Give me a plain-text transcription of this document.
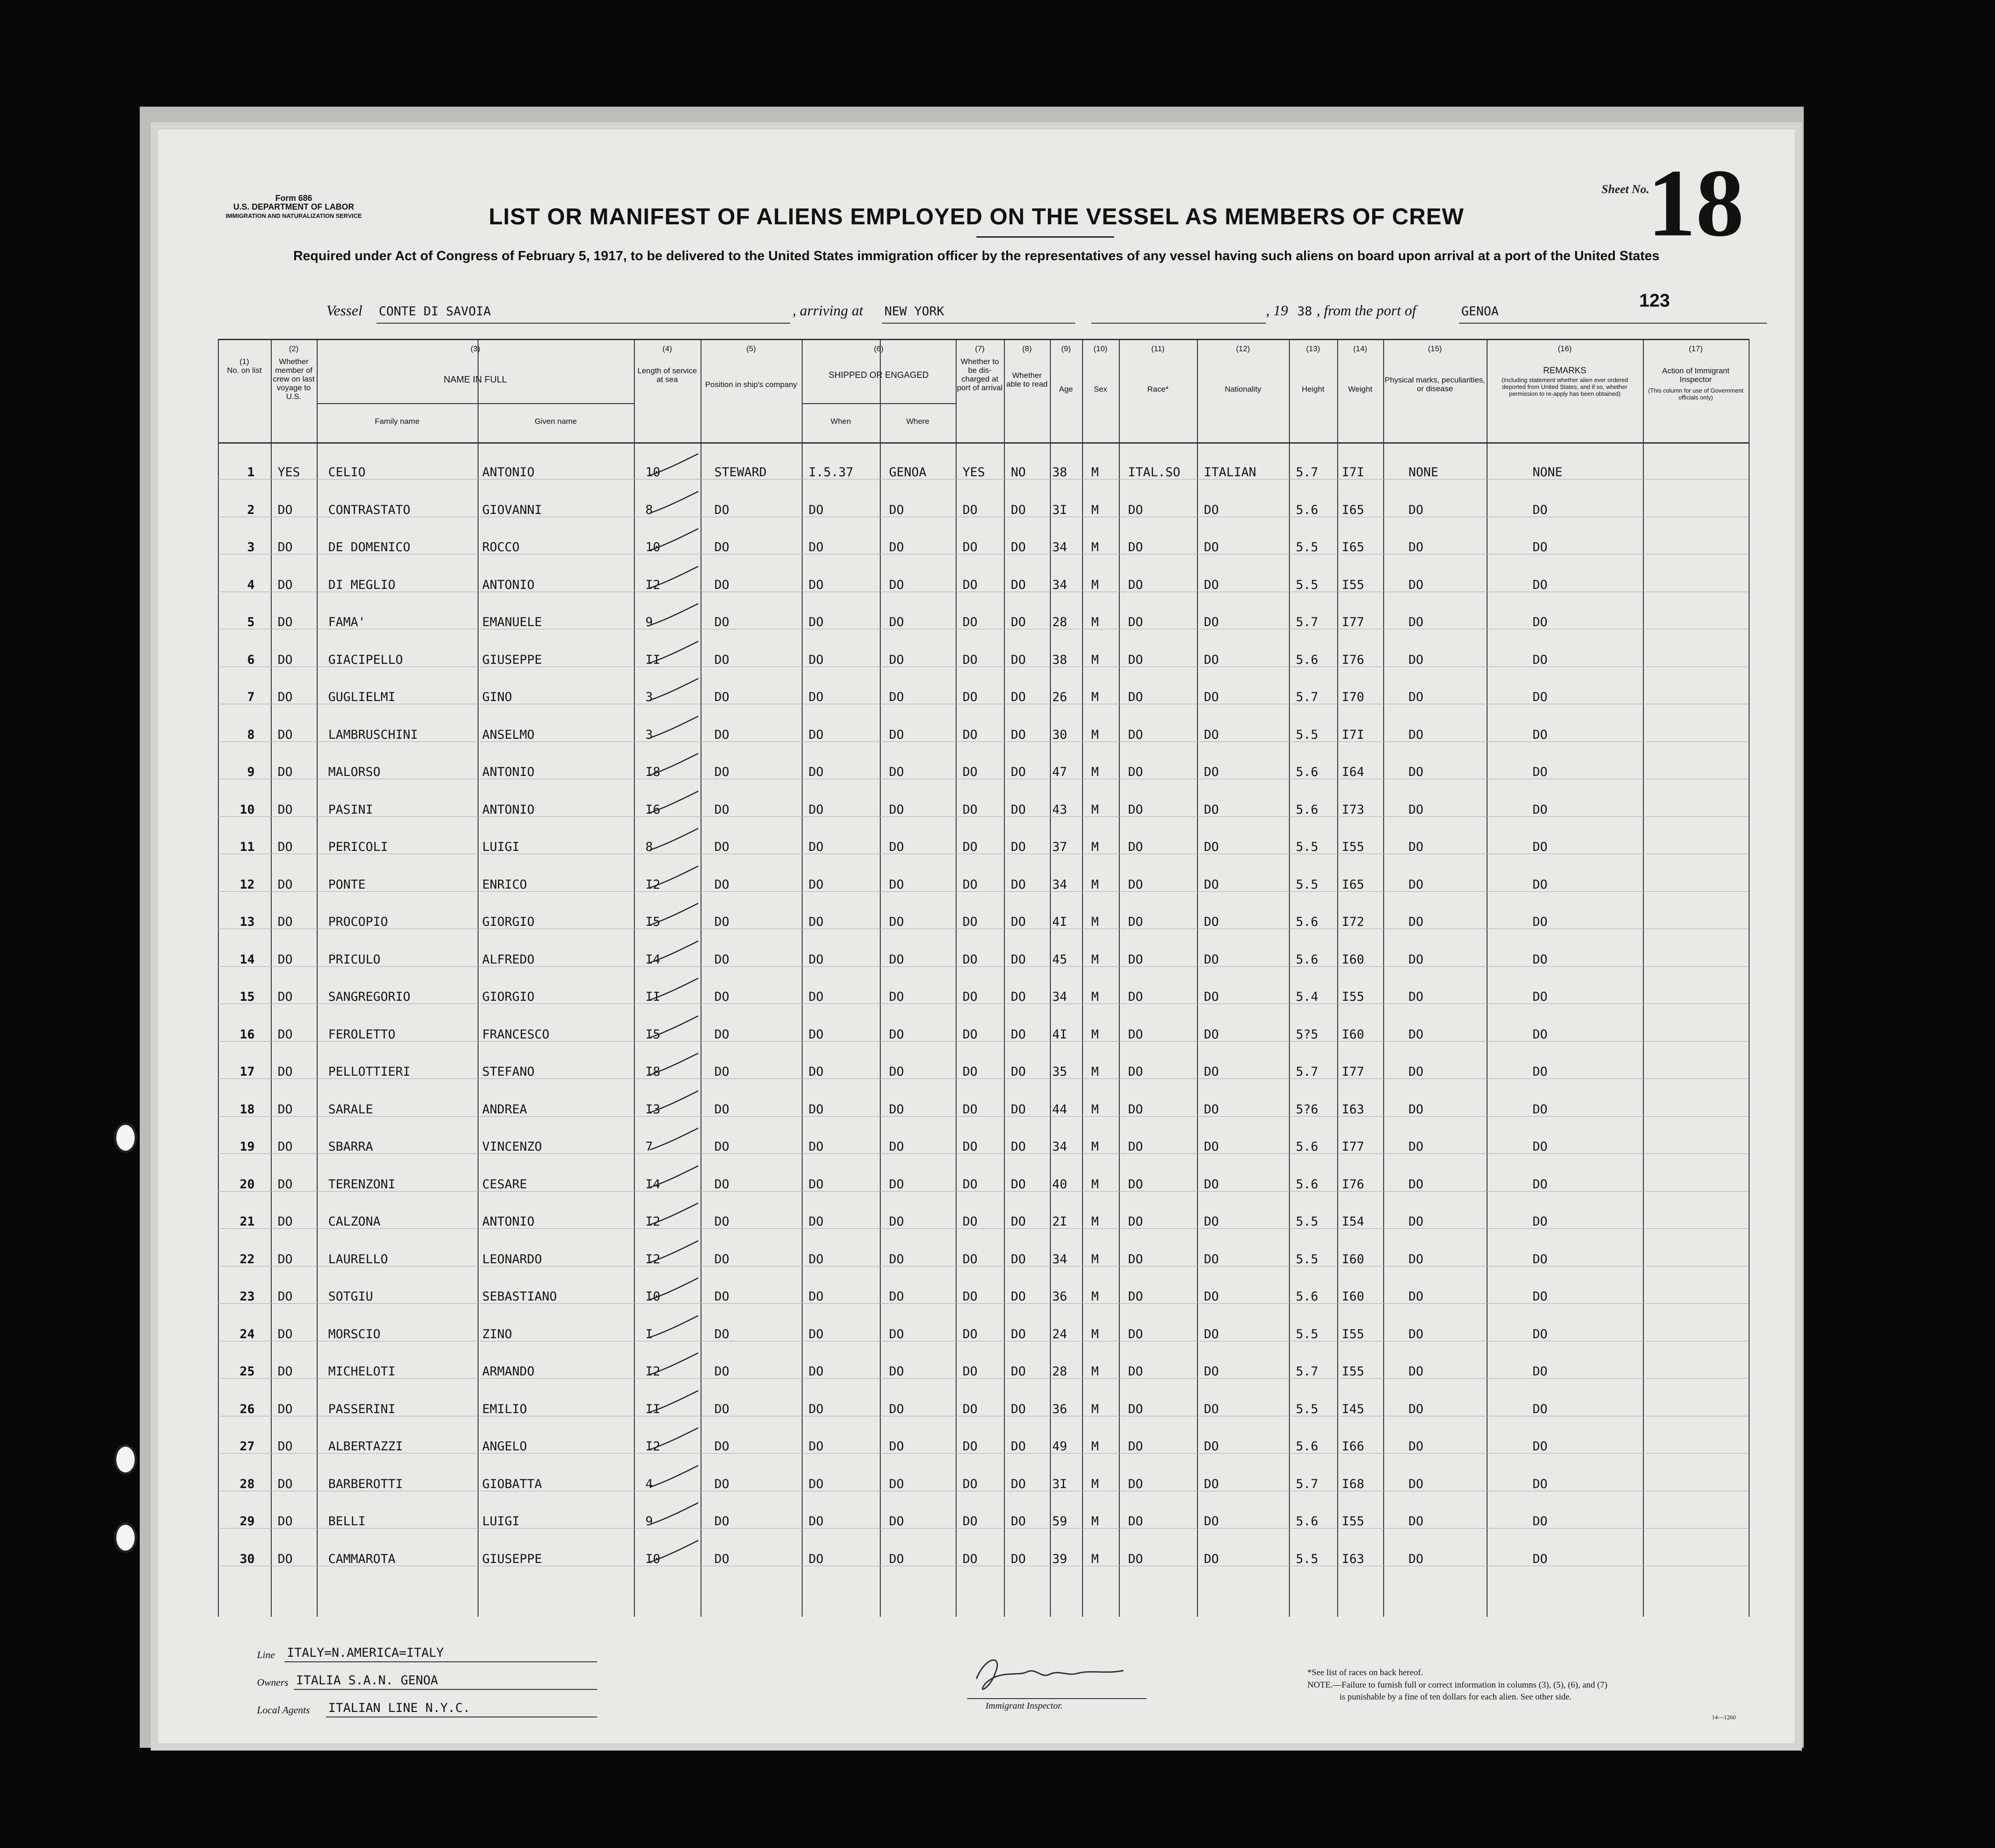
Form 686
U.S. DEPARTMENT OF LABOR
IMMIGRATION AND NATURALIZATION SERVICE
Sheet No.
18
LIST OR MANIFEST OF ALIENS EMPLOYED ON THE VESSEL AS MEMBERS OF CREW
Required under Act of Congress of February 5, 1917, to be delivered to the United States immigration officer by the representatives of any vessel having such aliens on board upon arrival at a port of the United States
Vessel CONTE DI SAVOIA	, arriving at NEW YORK	, 19 38 , from the port of	GENOA
123
(2)
(1)
No. on list
Whether member of crew on last voyage to U.S.
(3)
NAME IN FULL
Family name	Given name
(4)
Length of service at sea
(5)
Position in ship's company
(6)
SHIPPED OR ENGAGED
When	Where
(7)
Whether to be dis-charged at port of arrival
(8)
Whether able to read
(9)
Age
(10)
Sex
(11)
Race*
(12)
Nationality
(13)
Height
(14)
Weight
(15)
Physical marks, peculiarities, or disease
(16)
REMARKS
(Including statement whether alien ever ordered deported from United States, and if so, whether permission to re-apply has been obtained)
(17)
Action of Immigrant Inspector
(This column for use of Government officials only)
1 YES CELIO	ANTONIO	10	STEWARD	I.5.37	GENOA	YES NO 38 M ITAL.SO ITALIAN	5.7 I7I	NONE	NONE
2 DO	CONTRASTATO	GIOVANNI	8	DO	DO	DO	DO	DO 3I M DO	DO	5.6 I65	DO	DO
3 DO	DE DOMENICO	ROCCO	10	DO	DO	DO	DO	DO 34 M DO	DO	5.5 I65	DO	DO
4 DO	DI MEGLIO	ANTONIO	I2	DO	DO	DO	DO	DO 34 M DO	DO	5.5 I55	DO	DO
5 DO	FAMA'	EMANUELE	9	DO	DO	DO	DO	DO 28 M DO	DO	5.7 I77	DO	DO
6 DO	GIACIPELLO	GIUSEPPE	II	DO	DO	DO	DO	DO 38 M DO	DO	5.6 I76	DO	DO
7 DO	GUGLIELMI	GINO	3	DO	DO	DO	DO	DO 26 M DO	DO	5.7 I70	DO	DO
8 DO	LAMBRUSCHINI	ANSELMO	3	DO	DO	DO	DO	DO 30 M DO	DO	5.5 I7I	DO	DO
9 DO	MALORSO	ANTONIO	I8	DO	DO	DO	DO	DO 47 M DO	DO	5.6 I64	DO	DO
10 DO	PASINI	ANTONIO	I6	DO	DO	DO	DO	DO 43 M DO	DO	5.6 I73	DO	DO
11 DO	PERICOLI	LUIGI	8	DO	DO	DO	DO	DO 37 M DO	DO	5.5 I55	DO	DO
12 DO	PONTE	ENRICO	I2	DO	DO	DO	DO	DO 34 M DO	DO	5.5 I65	DO	DO
13 DO	PROCOPIO	GIORGIO	I5	DO	DO	DO	DO	DO 4I M DO	DO	5.6 I72	DO	DO
14 DO	PRICULO	ALFREDO	I4	DO	DO	DO	DO	DO 45 M DO	DO	5.6 I60	DO	DO
15 DO	SANGREGORIO	GIORGIO	II	DO	DO	DO	DO	DO 34 M DO	DO	5.4 I55	DO	DO
16 DO	FEROLETTO	FRANCESCO	I5	DO	DO	DO	DO	DO 4I M DO	DO	5?5 I60	DO	DO
17 DO	PELLOTTIERI	STEFANO	I8	DO	DO	DO	DO	DO 35 M DO	DO	5.7 I77	DO	DO
18 DO	SARALE	ANDREA	I3	DO	DO	DO	DO	DO 44 M DO	DO	5?6 I63	DO	DO
19 DO	SBARRA	VINCENZO	7	DO	DO	DO	DO	DO 34 M DO	DO	5.6 I77	DO	DO
20 DO	TERENZONI	CESARE	I4	DO	DO	DO	DO	DO 40 M DO	DO	5.6 I76	DO	DO
21 DO	CALZONA	ANTONIO	I2	DO	DO	DO	DO	DO 2I M DO	DO	5.5 I54	DO	DO
22 DO	LAURELLO	LEONARDO	I2	DO	DO	DO	DO	DO 34 M DO	DO	5.5 I60	DO	DO
23 DO	SOTGIU	SEBASTIANO	I0	DO	DO	DO	DO	DO 36 M DO	DO	5.6 I60	DO	DO
24 DO	MORSCIO	ZINO	I	DO	DO	DO	DO	DO 24 M DO	DO	5.5 I55	DO	DO
25 DO	MICHELOTI	ARMANDO	I2	DO	DO	DO	DO	DO 28 M DO	DO	5.7 I55	DO	DO
26 DO	PASSERINI	EMILIO	II	DO	DO	DO	DO	DO 36 M DO	DO	5.5 I45	DO	DO
27 DO	ALBERTAZZI	ANGELO	I2	DO	DO	DO	DO	DO 49 M DO	DO	5.6 I66	DO	DO
28 DO	BARBEROTTI	GIOBATTA	4	DO	DO	DO	DO	DO 3I M DO	DO	5.7 I68	DO	DO
29 DO	BELLI	LUIGI	9	DO	DO	DO	DO	DO 59 M DO	DO	5.6 I55	DO	DO
30 DO	CAMMAROTA	GIUSEPPE	I0	DO	DO	DO	DO	DO 39 M DO	DO	5.5 I63	DO	DO
Line ITALY=N.AMERICA=ITALY
Owners ITALIA S.A.N. GENOA
Local Agents ITALIAN LINE N.Y.C.	Immigrant Inspector.
*See list of races on back hereof.
NOTE.—Failure to furnish full or correct information in columns (3), (5), (6), and (7)
is punishable by a fine of ten dollars for each alien. See other side.
14—1260
